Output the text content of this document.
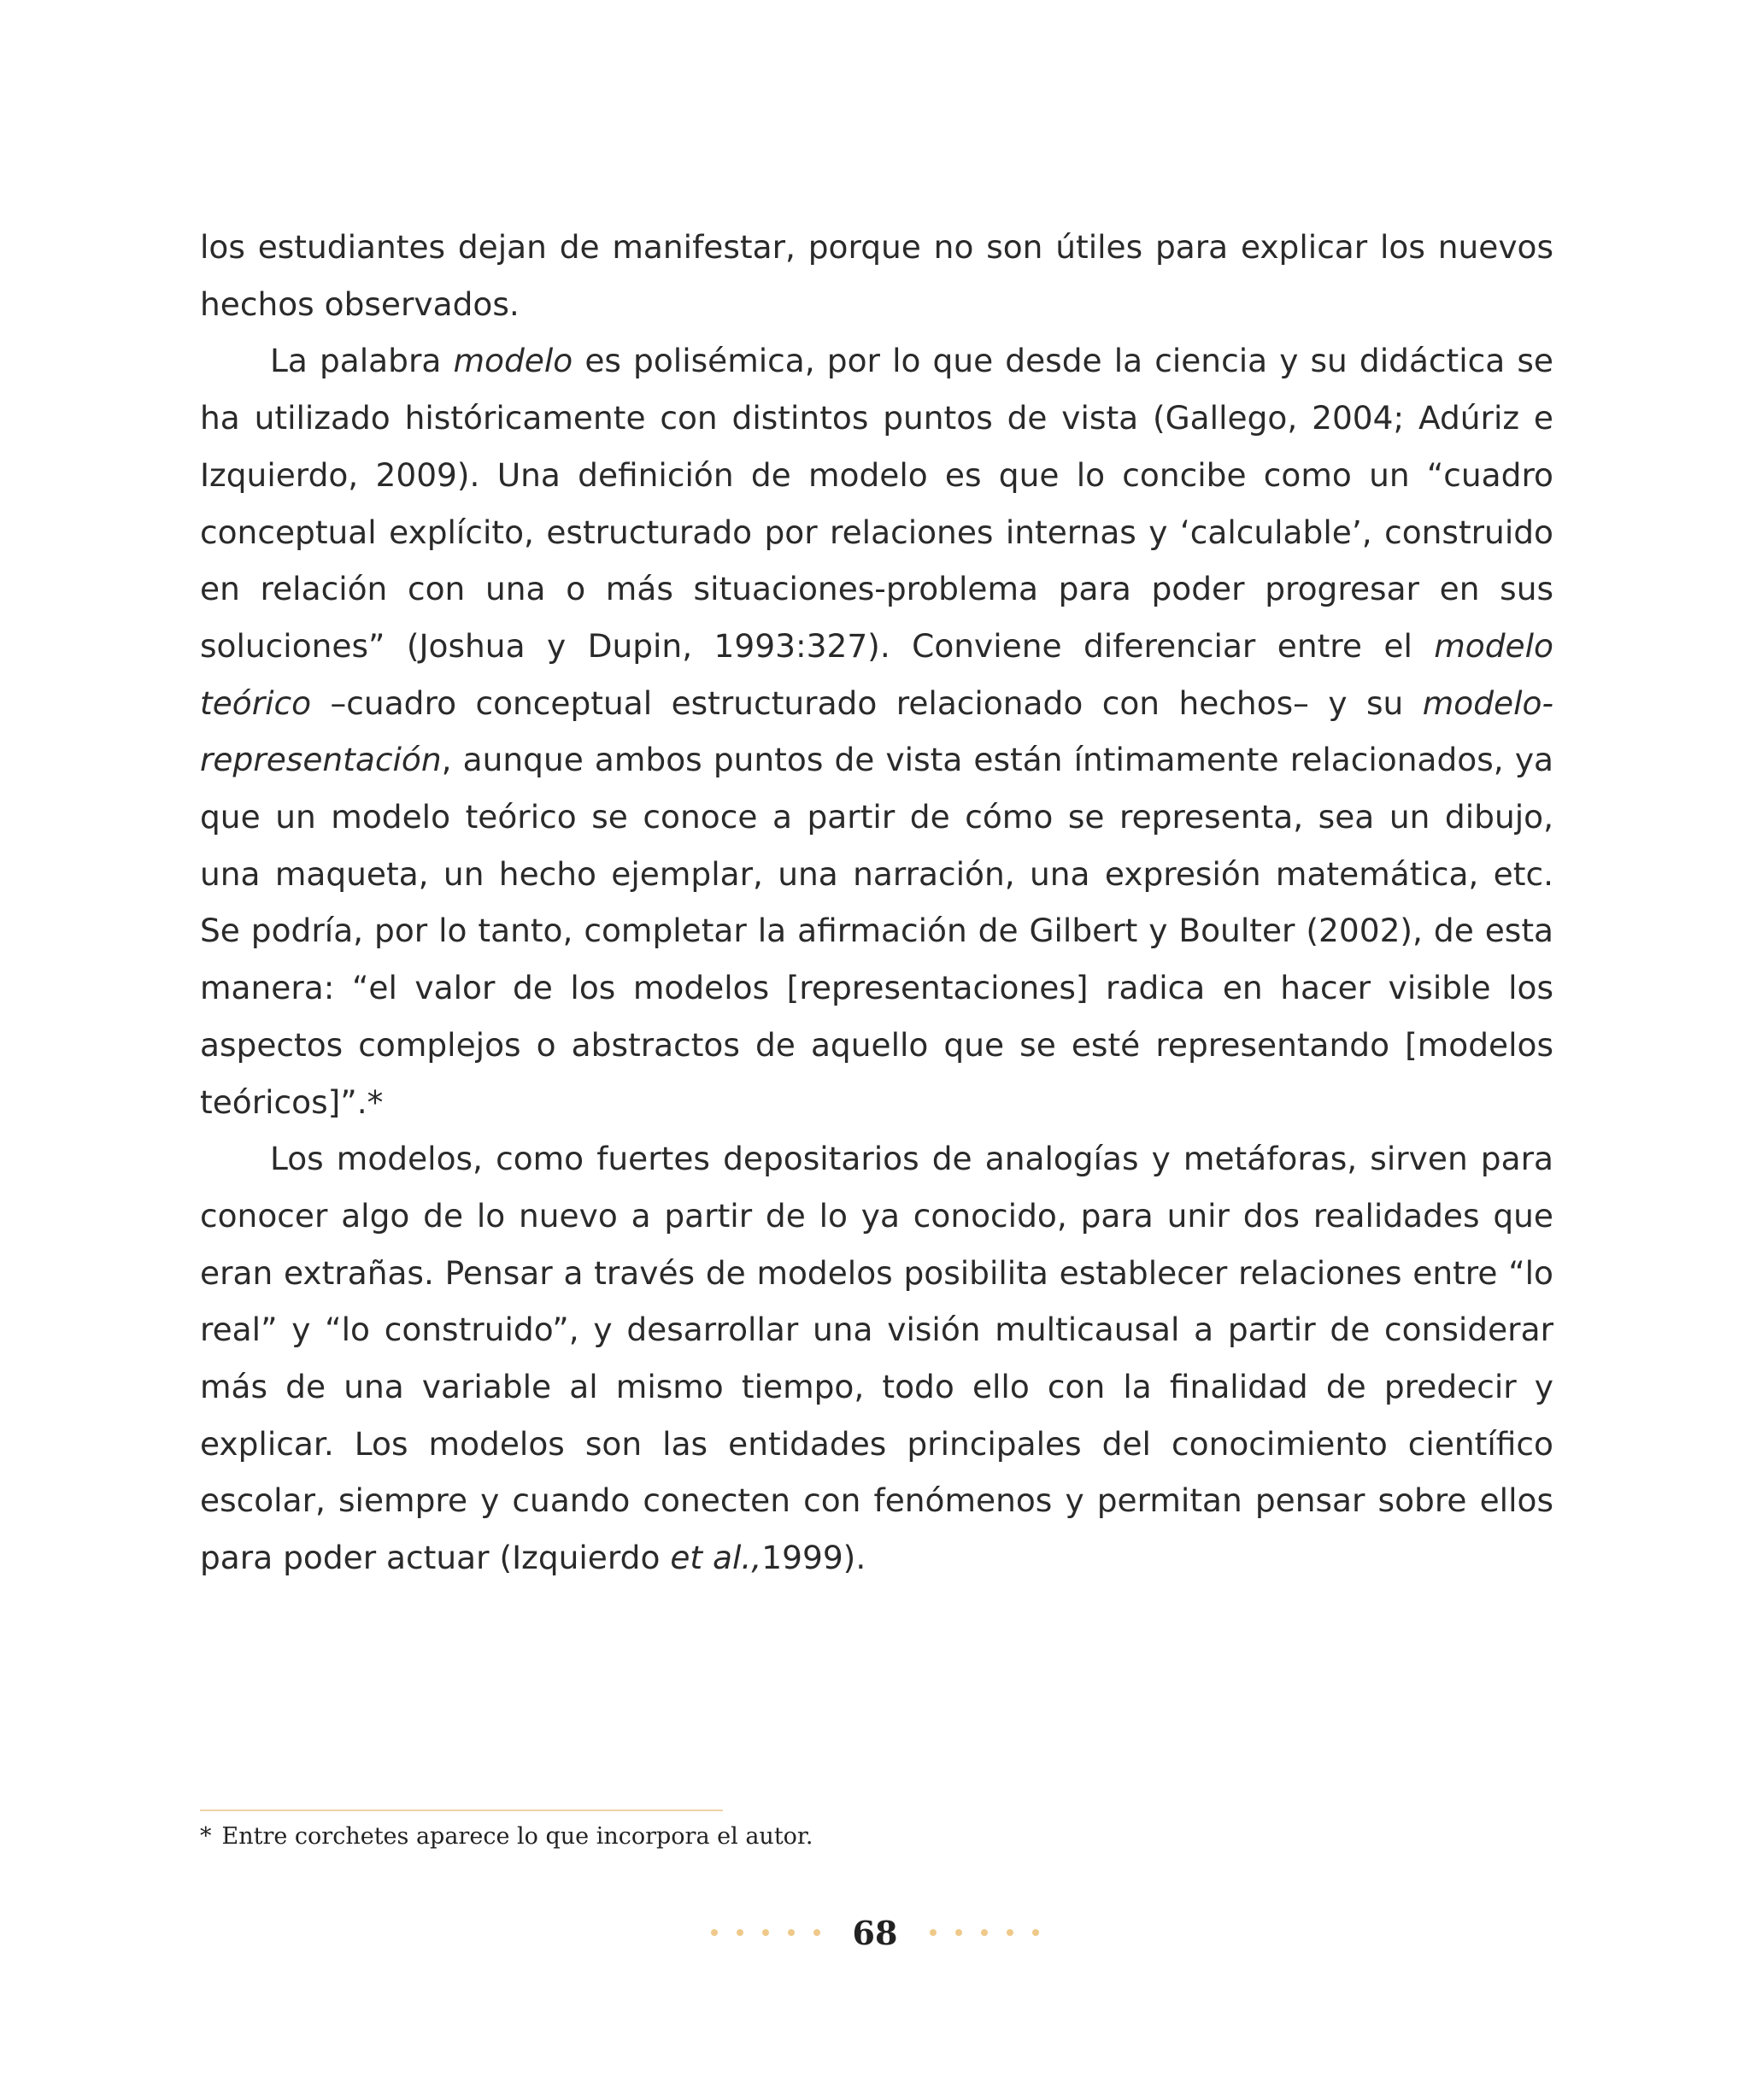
los estudiantes dejan de manifestar, porque no son útiles para explicar los nuevos hechos observados.

La palabra modelo es polisémica, por lo que desde la ciencia y su didáctica se ha utilizado históricamente con distintos puntos de vista (Gallego, 2004; Adúriz e Izquierdo, 2009). Una definición de modelo es que lo concibe como un “cuadro conceptual explícito, estructurado por relaciones internas y ‘calculable’, construido en relación con una o más situaciones-problema para poder progresar en sus soluciones” (Joshua y Dupin, 1993:327). Conviene diferenciar entre el modelo teórico –cuadro conceptual estructurado relacionado con hechos– y su modelo-representación, aunque ambos puntos de vista están íntimamente relacionados, ya que un modelo teórico se conoce a partir de cómo se representa, sea un dibujo, una maqueta, un hecho ejemplar, una narración, una expresión matemática, etc. Se podría, por lo tanto, completar la afirmación de Gilbert y Boulter (2002), de esta manera: “el valor de los modelos [representaciones] radica en hacer visible los aspectos complejos o abstractos de aquello que se esté representando [modelos teóricos]”.*

Los modelos, como fuertes depositarios de analogías y metáforas, sirven para conocer algo de lo nuevo a partir de lo ya conocido, para unir dos realidades que eran extrañas. Pensar a través de modelos posibilita establecer relaciones entre “lo real” y “lo construido”, y desarrollar una visión multicausal a partir de considerar más de una variable al mismo tiempo, todo ello con la finalidad de predecir y explicar. Los modelos son las entidades principales del conocimiento científico escolar, siempre y cuando conecten con fenómenos y permitan pensar sobre ellos para poder actuar (Izquierdo et al.,1999).

* Entre corchetes aparece lo que incorpora el autor.
68
